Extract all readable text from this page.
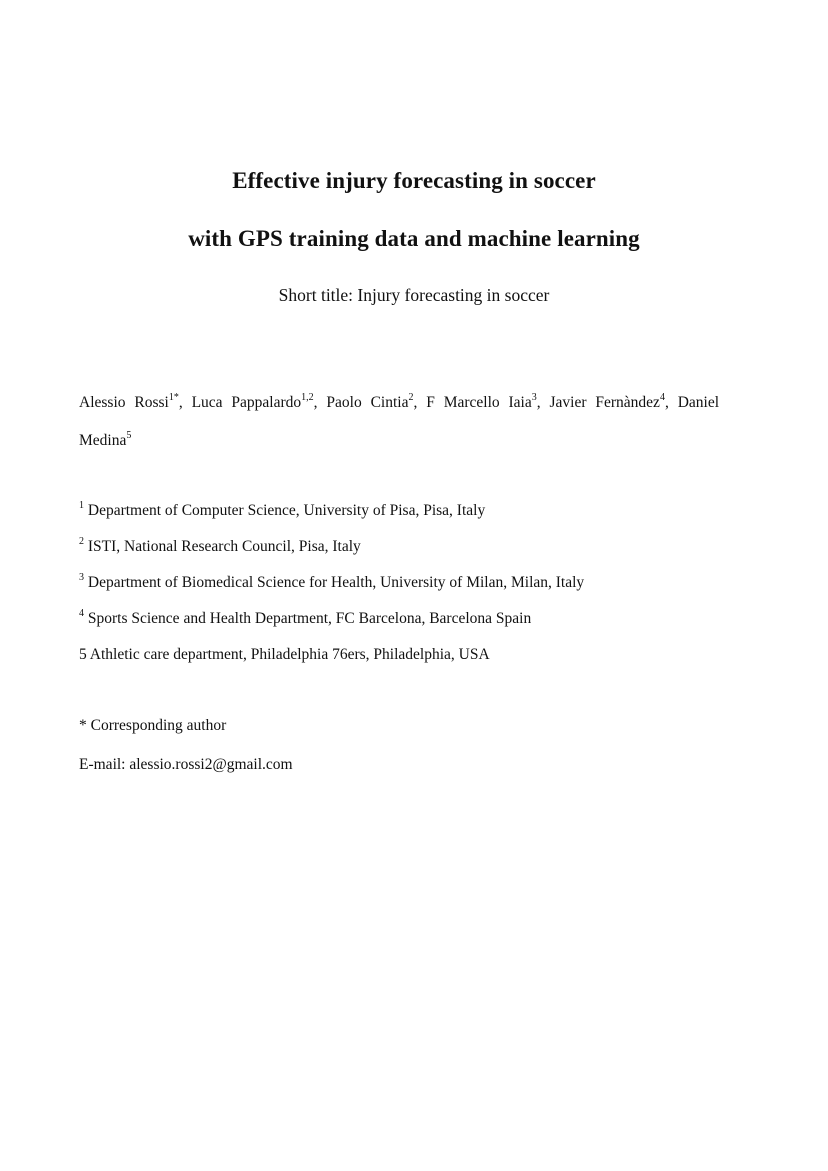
Effective injury forecasting in soccer
with GPS training data and machine learning
Short title: Injury forecasting in soccer
Alessio Rossi$^{1*}$, Luca Pappalardo$^{1,2}$, Paolo Cintia$^2$, F Marcello Iaia$^3$, Javier Fernàndez$^4$, Daniel Medina$^5$
$^1$ Department of Computer Science, University of Pisa, Pisa, Italy
$^2$ ISTI, National Research Council, Pisa, Italy
$^3$ Department of Biomedical Science for Health, University of Milan, Milan, Italy
$^4$ Sports Science and Health Department, FC Barcelona, Barcelona Spain
5 Athletic care department, Philadelphia 76ers, Philadelphia, USA
* Corresponding author
E-mail: alessio.rossi2@gmail.com
